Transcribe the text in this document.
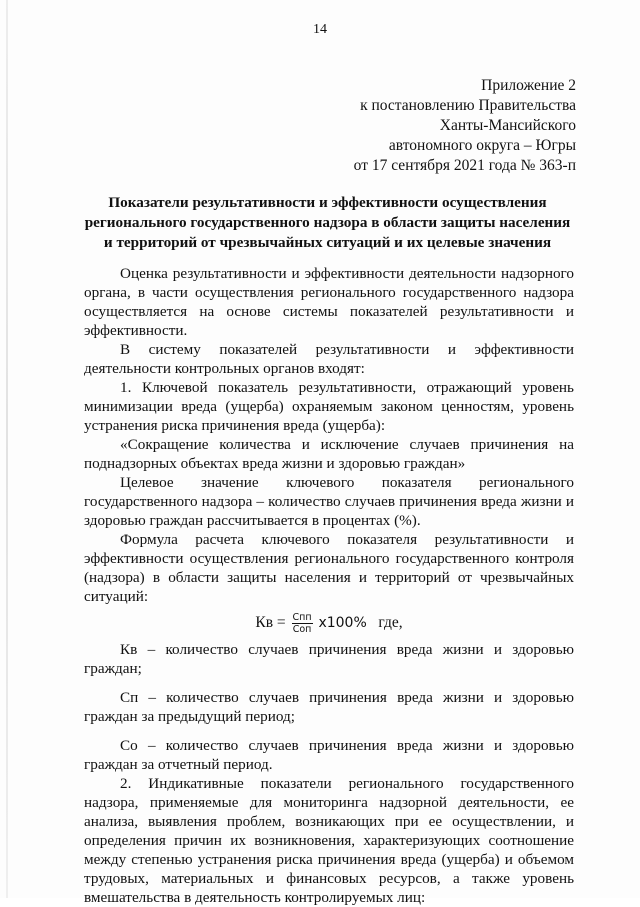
14
Приложение 2
к постановлению Правительства
Ханты-Мансийского
автономного округа – Югры
от 17 сентября 2021 года № 363-п
Показатели результативности и эффективности осуществления
регионального государственного надзора в области защиты населения
и территорий от чрезвычайных ситуаций и их целевые значения

Оценка результативности и эффективности деятельности надзорного органа, в части осуществления регионального государственного надзора осуществляется на основе системы показателей результативности и эффективности.

В систему показателей результативности и эффективности деятельности контрольных органов входят:

1. Ключевой показатель результативности, отражающий уровень минимизации вреда (ущерба) охраняемым законом ценностям, уровень устранения риска причинения вреда (ущерба):

«Сокращение количества и исключение случаев причинения на поднадзорных объектах вреда жизни и здоровью граждан»

Целевое значение ключевого показателя регионального государственного надзора – количество случаев причинения вреда жизни и здоровью граждан рассчитывается в процентах (%).

Формула расчета ключевого показателя результативности и эффективности осуществления регионального государственного контроля (надзора) в области защиты населения и территорий от чрезвычайных ситуаций:

Кв = $\frac{\text{Спп}}{\text{Соп}} x100\%$ где,

Кв – количество случаев причинения вреда жизни и здоровью граждан;

Сп – количество случаев причинения вреда жизни и здоровью граждан за предыдущий период;

Со – количество случаев причинения вреда жизни и здоровью граждан за отчетный период.

2. Индикативные показатели регионального государственного надзора, применяемые для мониторинга надзорной деятельности, ее анализа, выявления проблем, возникающих при ее осуществлении, и определения причин их возникновения, характеризующих соотношение между степенью устранения риска причинения вреда (ущерба) и объемом трудовых, материальных и финансовых ресурсов, а также уровень вмешательства в деятельность контролируемых лиц:
